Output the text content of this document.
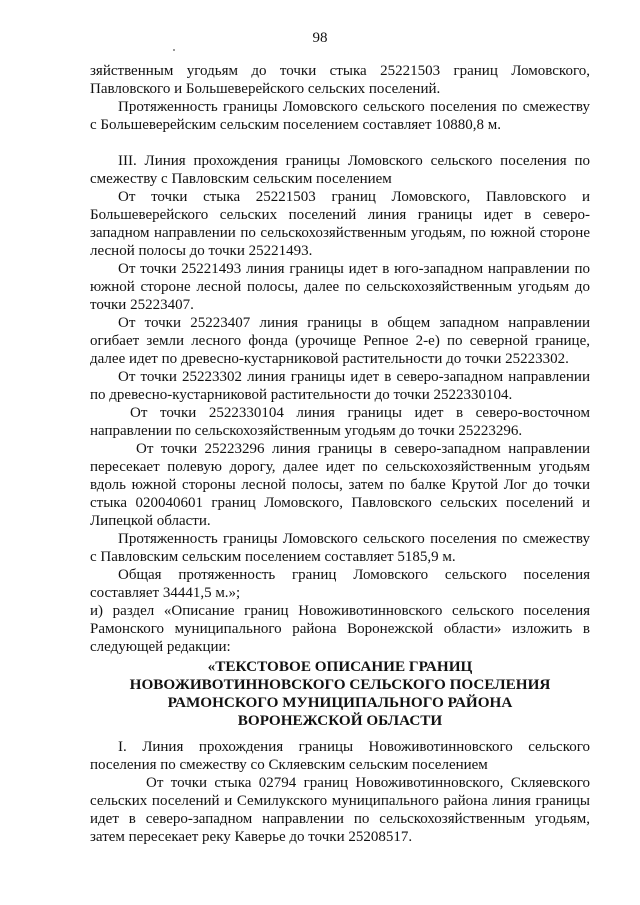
98

зяйственным угодьям до точки стыка 25221503 границ Ломовского, Павловского и Большеверейского сельских поселений.

Протяженность границы Ломовского сельского поселения по смежеству с Большеверейским сельским поселением составляет 10880,8 м.

III. Линия прохождения границы Ломовского сельского поселения по смежеству с Павловским сельским поселением

От точки стыка 25221503 границ Ломовского, Павловского и Большеверейского сельских поселений линия границы идет в северо-западном направлении по сельскохозяйственным угодьям, по южной стороне лесной полосы до точки 25221493.

От точки 25221493 линия границы идет в юго-западном направлении по южной стороне лесной полосы, далее по сельскохозяйственным угодьям до точки 25223407.

От точки 25223407 линия границы в общем западном направлении огибает земли лесного фонда (урочище Репное 2-е) по северной границе, далее идет по древесно-кустарниковой растительности до точки 25223302.

От точки 25223302 линия границы идет в северо-западном направлении по древесно-кустарниковой растительности до точки 2522330104.

От точки 2522330104 линия границы идет в северо-восточном направлении по сельскохозяйственным угодьям до точки 25223296.

От точки 25223296 линия границы в северо-западном направлении пересекает полевую дорогу, далее идет по сельскохозяйственным угодьям вдоль южной стороны лесной полосы, затем по балке Крутой Лог до точки стыка 020040601 границ Ломовского, Павловского сельских поселений и Липецкой области.

Протяженность границы Ломовского сельского поселения по смежеству с Павловским сельским поселением составляет 5185,9 м.

Общая протяженность границ Ломовского сельского поселения составляет 34441,5 м.»;

и) раздел «Описание границ Новоживотинновского сельского поселения Рамонского муниципального района Воронежской области» изложить в следующей редакции:

«ТЕКСТОВОЕ ОПИСАНИЕ ГРАНИЦ
НОВОЖИВОТИННОВСКОГО СЕЛЬСКОГО ПОСЕЛЕНИЯ
РАМОНСКОГО МУНИЦИПАЛЬНОГО РАЙОНА
ВОРОНЕЖСКОЙ ОБЛАСТИ

I. Линия прохождения границы Новоживотинновского сельского поселения по смежеству со Скляевским сельским поселением

От точки стыка 02794 границ Новоживотинновского, Скляевского сельских поселений и Семилукского муниципального района линия границы идет в северо-западном направлении по сельскохозяйственным угодьям, затем пересекает реку Каверье до точки 25208517.
